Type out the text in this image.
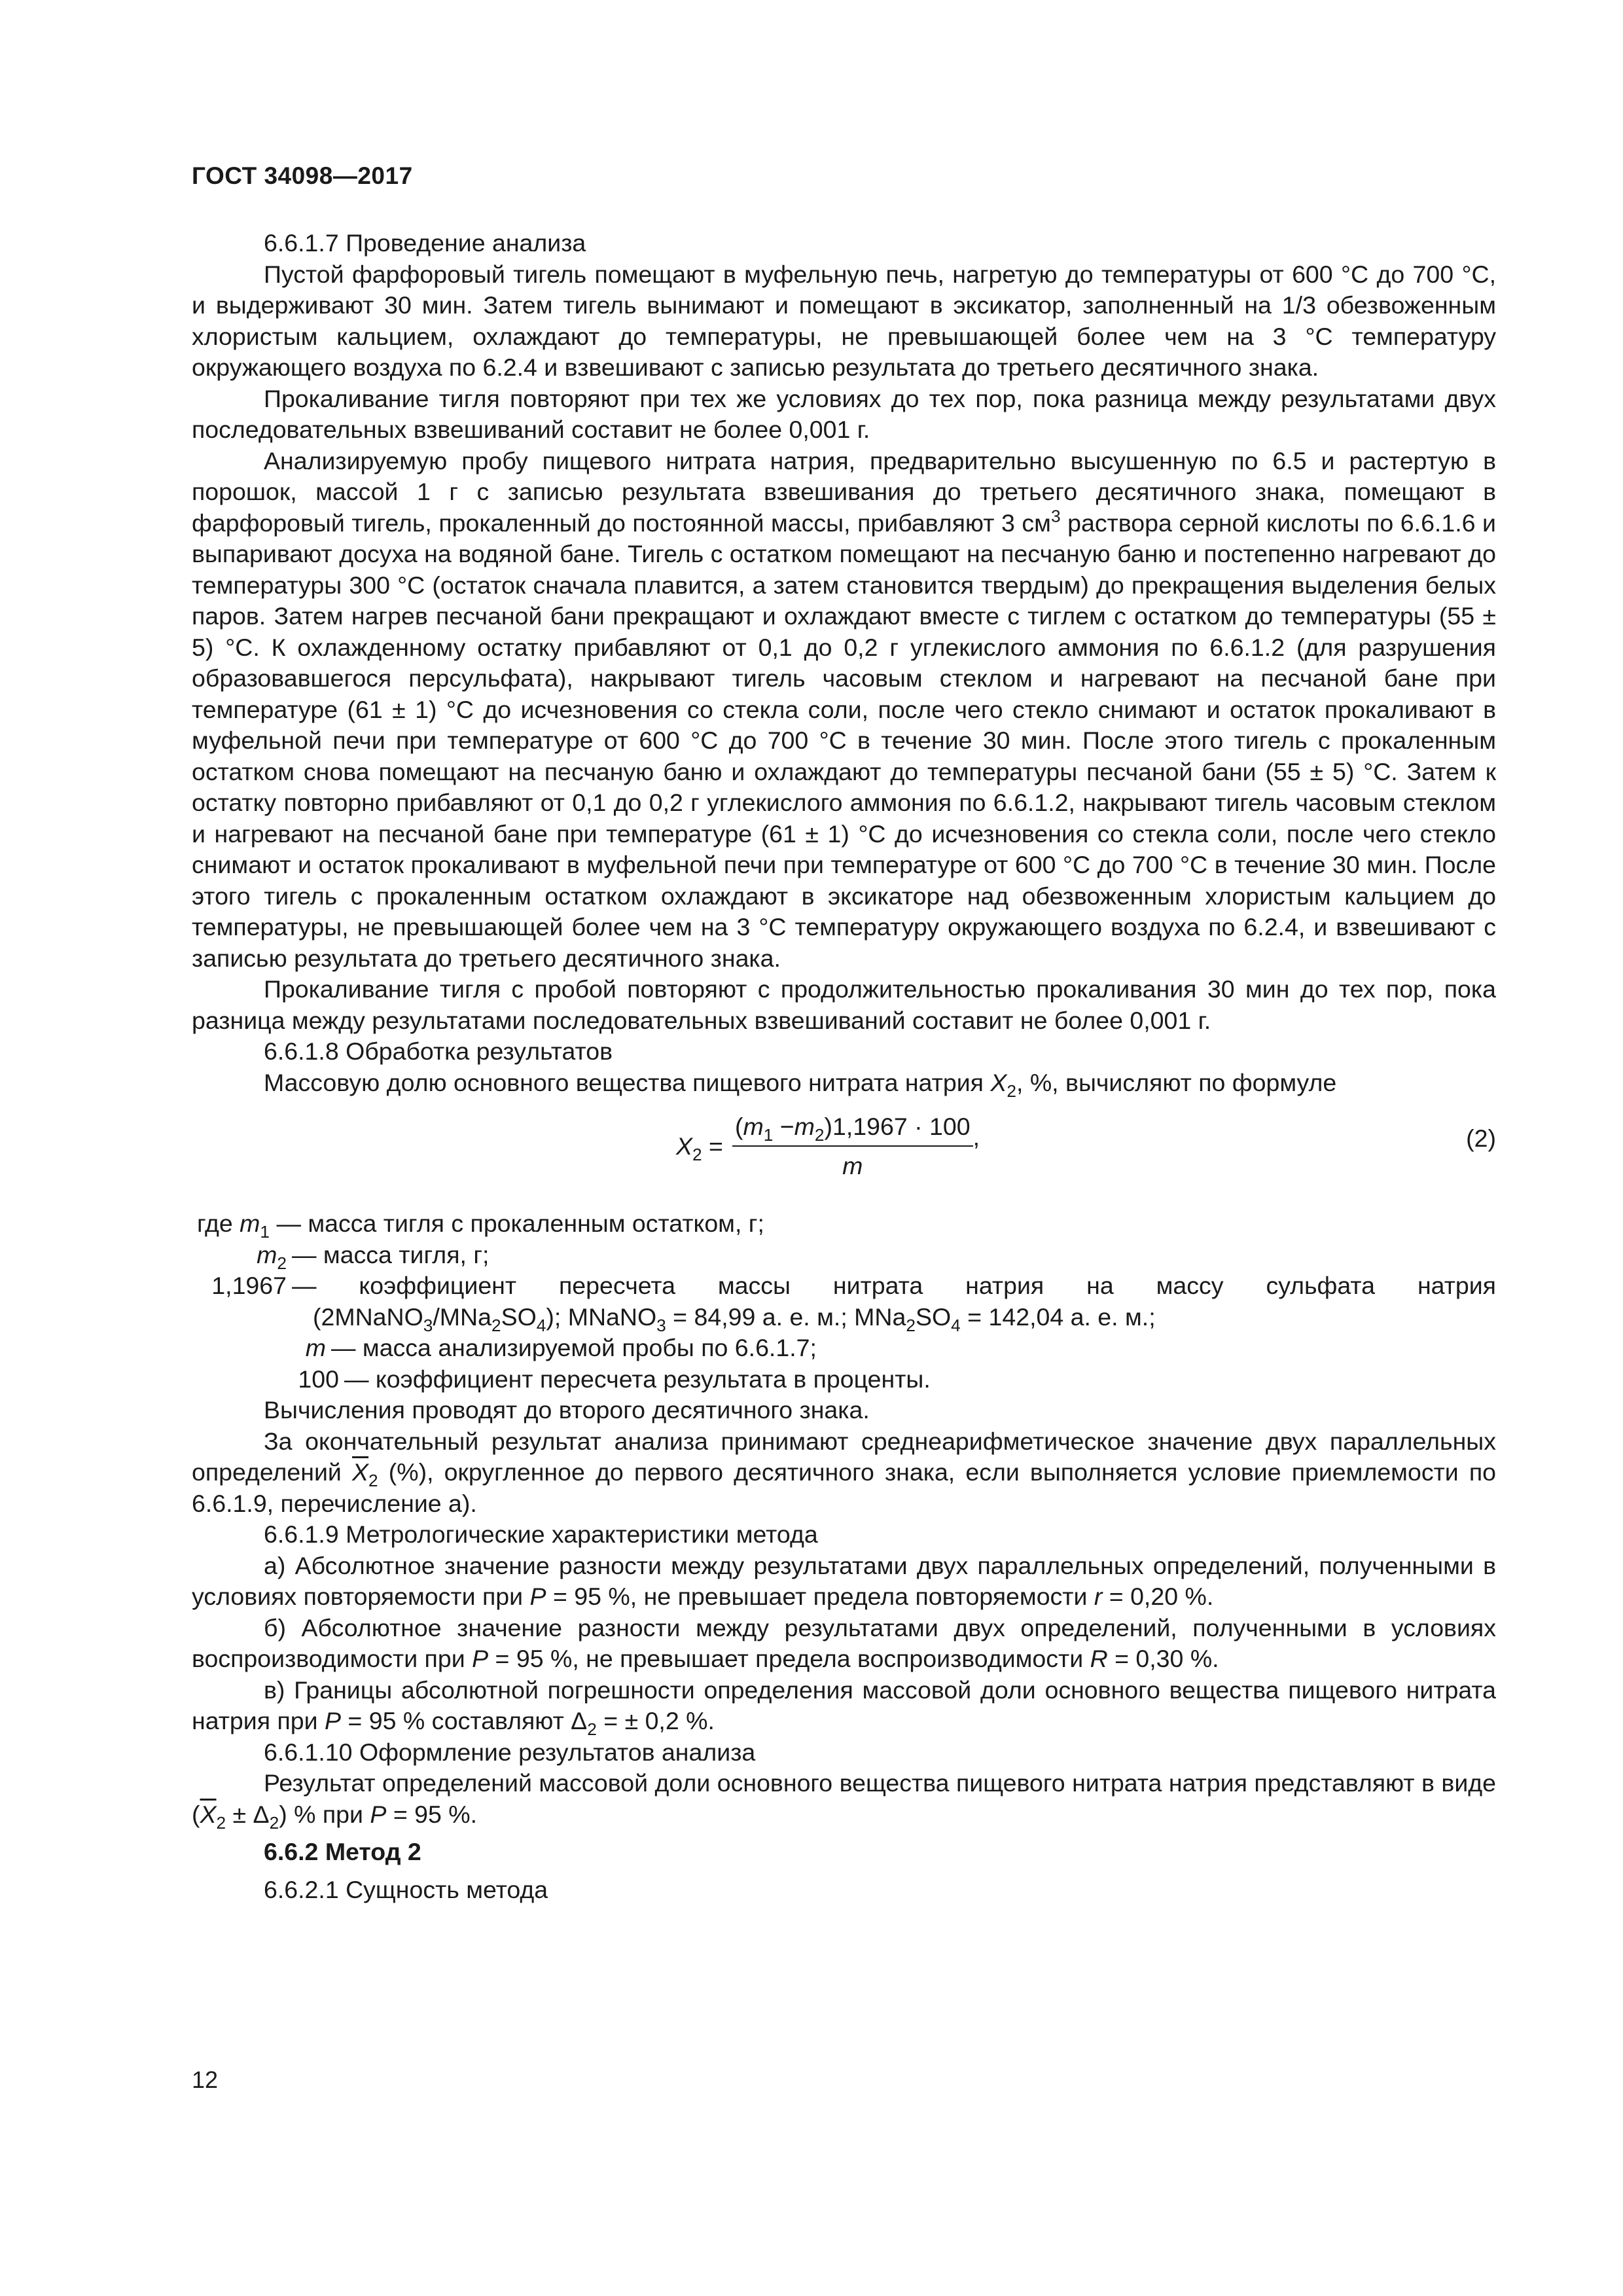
ГОСТ 34098—2017

6.6.1.7 Проведение анализа

Пустой фарфоровый тигель помещают в муфельную печь, нагретую до температуры от 600 °С до 700 °С, и выдерживают 30 мин. Затем тигель вынимают и помещают в эксикатор, заполненный на 1/3 обезвоженным хлористым кальцием, охлаждают до температуры, не превышающей более чем на 3 °С температуру окружающего воздуха по 6.2.4 и взвешивают с записью результата до третьего десятичного знака.

Прокаливание тигля повторяют при тех же условиях до тех пор, пока разница между результатами двух последовательных взвешиваний составит не более 0,001 г.

Анализируемую пробу пищевого нитрата натрия, предварительно высушенную по 6.5 и растертую в порошок, массой 1 г с записью результата взвешивания до третьего десятичного знака, помещают в фарфоровый тигель, прокаленный до постоянной массы, прибавляют 3 $см^3$ раствора серной кислоты по 6.6.1.6 и выпаривают досуха на водяной бане. Тигель с остатком помещают на песчаную баню и постепенно нагревают до температуры 300 °С (остаток сначала плавится, а затем становится твердым) до прекращения выделения белых паров. Затем нагрев песчаной бани прекращают и охлаждают вместе с тиглем с остатком до температуры (55 ± 5) °С. К охлажденному остатку прибавляют от 0,1 до 0,2 г углекислого аммония по 6.6.1.2 (для разрушения образовавшегося персульфата), накрывают тигель часовым стеклом и нагревают на песчаной бане при температуре (61 ± 1) °С до исчезновения со стекла соли, после чего стекло снимают и остаток прокаливают в муфельной печи при температуре от 600 °С до 700 °С в течение 30 мин. После этого тигель с прокаленным остатком снова помещают на песчаную баню и охлаждают до температуры песчаной бани (55 ± 5) °С. Затем к остатку повторно прибавляют от 0,1 до 0,2 г углекислого аммония по 6.6.1.2, накрывают тигель часовым стеклом и нагревают на песчаной бане при температуре (61 ± 1) °С до исчезновения со стекла соли, после чего стекло снимают и остаток прокаливают в муфельной печи при температуре от 600 °С до 700 °С в течение 30 мин. После этого тигель с прокаленным остатком охлаждают в эксикаторе над обезвоженным хлористым кальцием до температуры, не превышающей более чем на 3 °С температуру окружающего воздуха по 6.2.4, и взвешивают с записью результата до третьего десятичного знака.

Прокаливание тигля с пробой повторяют с продолжительностью прокаливания 30 мин до тех пор, пока разница между результатами последовательных взвешиваний составит не более 0,001 г.

6.6.1.8 Обработка результатов

Массовую долю основного вещества пищевого нитрата натрия $X_2$, %, вычисляют по формуле

$X_2 = \frac{(m_1 -m_2)1,1967 \cdot 100}{m}$ ,	(2)
где $m_1$ — масса тигля с прокаленным остатком, г;
$m_2$ — масса тигля, г;
1,1967 — коэффициент пересчета массы нитрата натрия на массу сульфата натрия
$(2MNaNO_3/MNa_2SO_4)$; MNaNO$_3$ = 84,99 а. е. м.; $MNa_2SO_4 = 142,04$ а. е. м.;
m — масса анализируемой пробы по 6.6.1.7;
100 — коэффициент пересчета результата в проценты.

Вычисления проводят до второго десятичного знака.

За окончательный результат анализа принимают среднеарифметическое значение двух параллельных определений $\overline{X}_2$ (%), округленное до первого десятичного знака, если выполняется условие приемлемости по 6.6.1.9, перечисление а).

6.6.1.9 Метрологические характеристики метода

а) Абсолютное значение разности между результатами двух параллельных определений, полученными в условиях повторяемости при P = 95 %, не превышает предела повторяемости r = 0,20 %.

б) Абсолютное значение разности между результатами двух определений, полученными в условиях воспроизводимости при P = 95 %, не превышает предела воспроизводимости R = 0,30 %.

в) Границы абсолютной погрешности определения массовой доли основного вещества пищевого нитрата натрия при P = 95 % составляют $\Delta_2$ = ± 0,2 %.

6.6.1.10 Оформление результатов анализа

Результат определений массовой доли основного вещества пищевого нитрата натрия представляют в виде $(\overline{X}_2 \pm \Delta_2)$ % при P = 95 %.

6.6.2 Метод 2

6.6.2.1 Сущность метода

12
